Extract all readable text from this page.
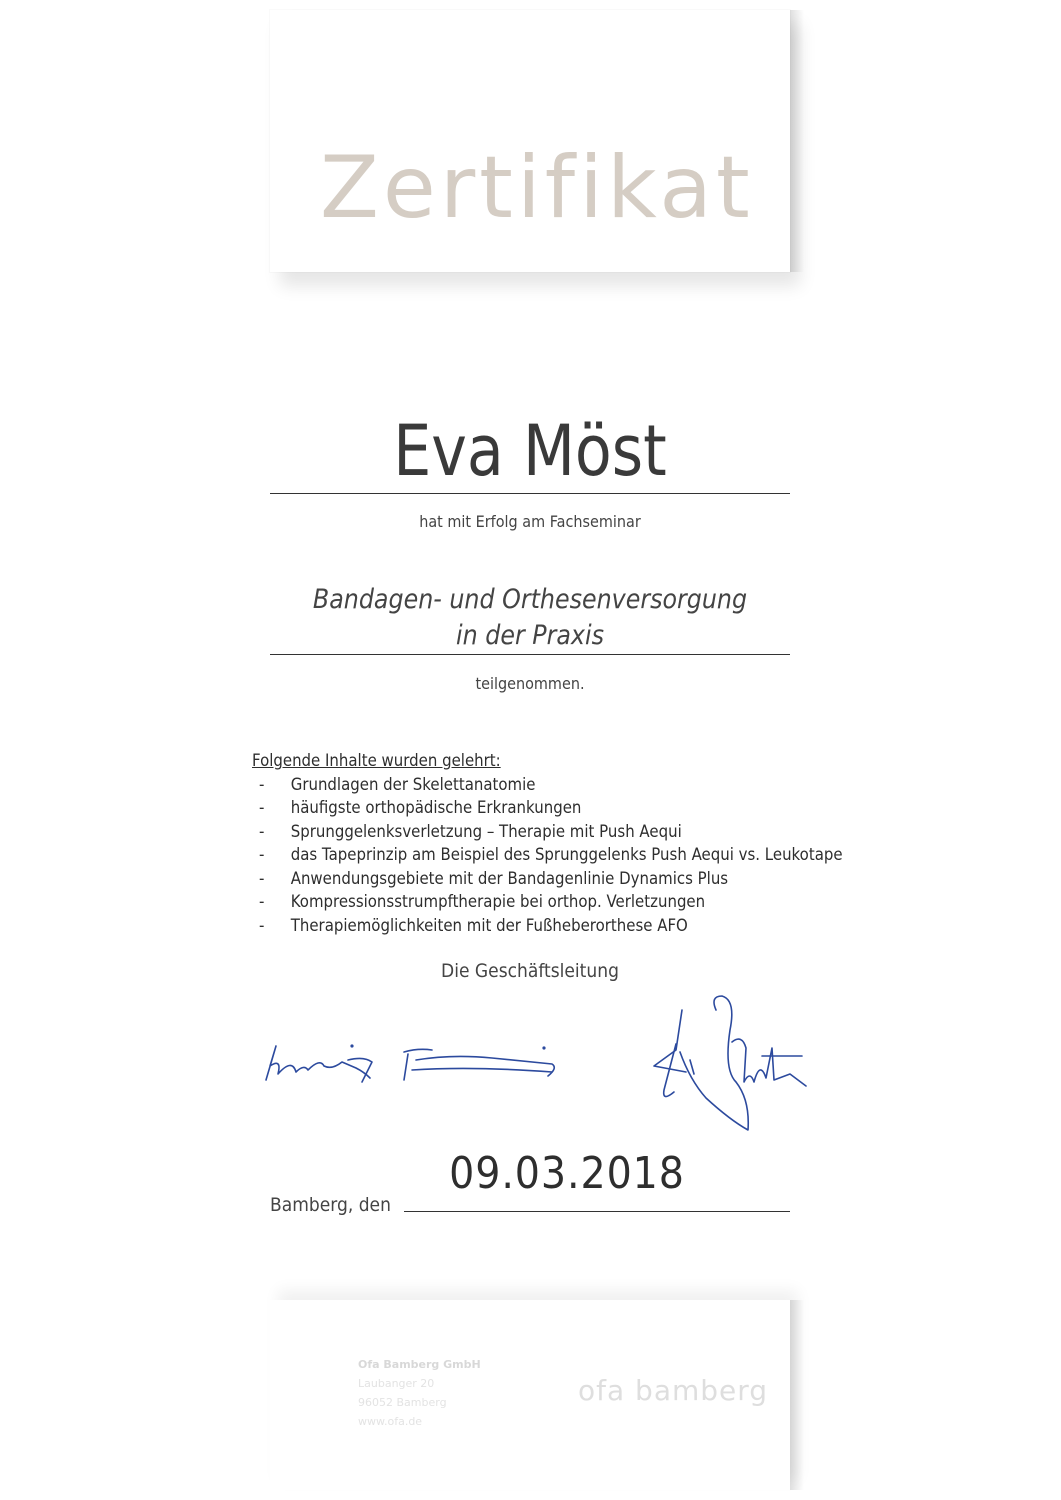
Zertifikat
Eva Möst
hat mit Erfolg am Fachseminar
Bandagen- und Orthesenversorgung
in der Praxis
teilgenommen.
Folgende Inhalte wurden gelehrt:
- Grundlagen der Skelettanatomie
- häufigste orthopädische Erkrankungen
- Sprunggelenksverletzung – Therapie mit Push Aequi
- das Tapeprinzip am Beispiel des Sprunggelenks Push Aequi vs. Leukotape
- Anwendungsgebiete mit der Bandagenlinie Dynamics Plus
- Kompressionsstrumpftherapie bei orthop. Verletzungen
- Therapiemöglichkeiten mit der Fußheberorthese AFO
Die Geschäftsleitung
09.03.2018
Bamberg, den
Ofa Bamberg GmbH
Laubanger 20
96052 Bamberg
www.ofa.de
ofa bamberg
